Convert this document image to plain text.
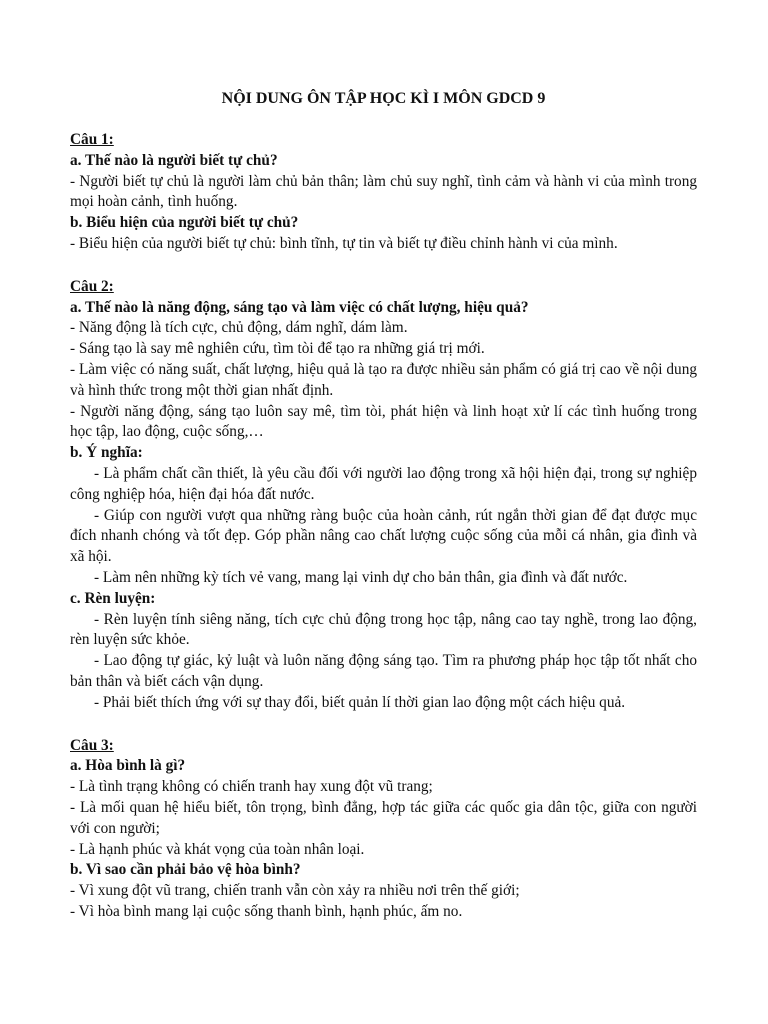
NỘI DUNG ÔN TẬP HỌC KÌ I MÔN GDCD 9
Câu 1:
a. Thế nào là người biết tự chủ?
- Người biết tự chủ là người làm chủ bản thân; làm chủ suy nghĩ, tình cảm và hành vi của mình trong mọi hoàn cảnh, tình huống.
b. Biểu hiện của người biết tự chủ?
- Biểu hiện của người biết tự chủ: bình tĩnh, tự tin và biết tự điều chỉnh hành vi của mình.
Câu 2:
a. Thế nào là năng động, sáng tạo và làm việc có chất lượng, hiệu quả?
- Năng động là tích cực, chủ động, dám nghĩ, dám làm.
- Sáng tạo là say mê nghiên cứu, tìm tòi để tạo ra những giá trị mới.
- Làm việc có năng suất, chất lượng, hiệu quả là tạo ra được nhiều sản phẩm có giá trị cao về nội dung và hình thức trong một thời gian nhất định.
- Người năng động, sáng tạo luôn say mê, tìm tòi, phát hiện và linh hoạt xử lí các tình huống trong học tập, lao động, cuộc sống,…
b. Ý nghĩa:
- Là phẩm chất cần thiết, là yêu cầu đối với người lao động trong xã hội hiện đại, trong sự nghiệp công nghiệp hóa, hiện đại hóa đất nước.
- Giúp con người vượt qua những ràng buộc của hoàn cảnh, rút ngắn thời gian để đạt được mục đích nhanh chóng và tốt đẹp. Góp phần nâng cao chất lượng cuộc sống của mỗi cá nhân, gia đình và xã hội.
- Làm nên những kỳ tích vẻ vang, mang lại vinh dự cho bản thân, gia đình và đất nước.
c. Rèn luyện:
- Rèn luyện tính siêng năng, tích cực chủ động trong học tập, nâng cao tay nghề, trong lao động, rèn luyện sức khỏe.
- Lao động tự giác, kỷ luật và luôn năng động sáng tạo. Tìm ra phương pháp học tập tốt nhất cho bản thân và biết cách vận dụng.
- Phải biết thích ứng với sự thay đổi, biết quản lí thời gian lao động một cách hiệu quả.
Câu 3:
a. Hòa bình là gì?
- Là tình trạng không có chiến tranh hay xung đột vũ trang;
- Là mối quan hệ hiểu biết, tôn trọng, bình đẳng, hợp tác giữa các quốc gia dân tộc, giữa con người với con người;
- Là hạnh phúc và khát vọng của toàn nhân loại.
b. Vì sao cần phải bảo vệ hòa bình?
- Vì xung đột vũ trang, chiến tranh vẫn còn xảy ra nhiều nơi trên thế giới;
- Vì hòa bình mang lại cuộc sống thanh bình, hạnh phúc, ấm no.
